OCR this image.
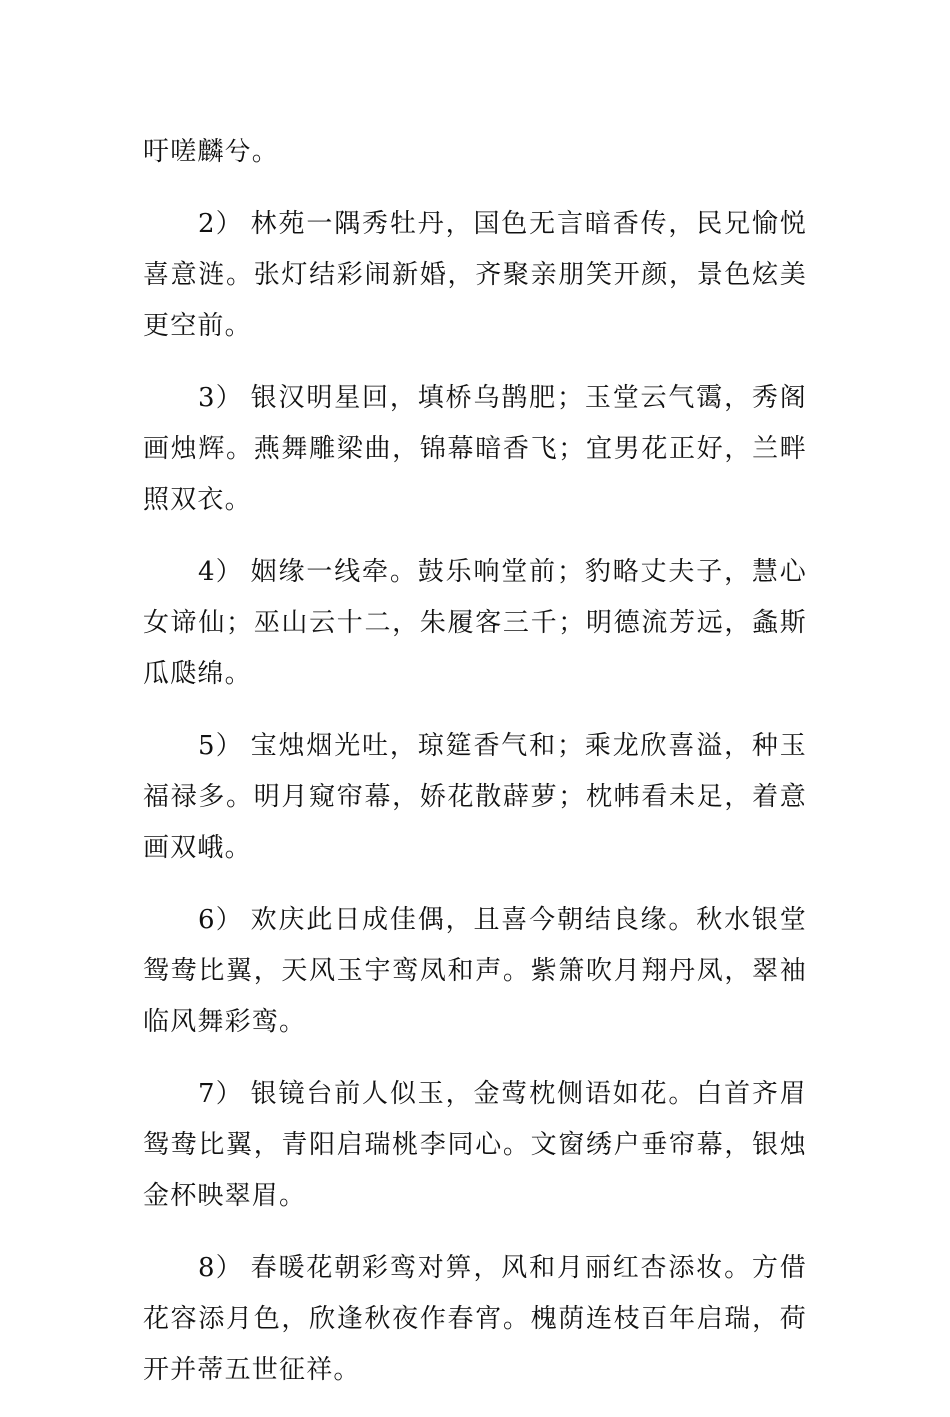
吁嗟麟兮。

2） 林苑一隅秀牡丹，国色无言暗香传，民兄愉悦喜意涟。张灯结彩闹新婚，齐聚亲朋笑开颜，景色炫美更空前。

3） 银汉明星回，填桥乌鹊肥；玉堂云气霭，秀阁画烛辉。燕舞雕梁曲，锦幕暗香飞；宜男花正好，兰畔照双衣。

4） 姻缘一线牵。鼓乐响堂前；豹略丈夫子，慧心女谛仙；巫山云十二，朱履客三千；明德流芳远，螽斯瓜瓞绵。

5） 宝烛烟光吐，琼筵香气和；乘龙欣喜溢，种玉福禄多。明月窥帘幕，娇花散薜萝；枕帏看未足，着意画双峨。

6） 欢庆此日成佳偶，且喜今朝结良缘。秋水银堂鸳鸯比翼，天风玉宇鸾凤和声。紫箫吹月翔丹凤，翠袖临风舞彩鸾。

7） 银镜台前人似玉，金莺枕侧语如花。白首齐眉鸳鸯比翼，青阳启瑞桃李同心。文窗绣户垂帘幕，银烛金杯映翠眉。

8） 春暖花朝彩鸾对箅，风和月丽红杏添妆。方借花容添月色，欣逢秋夜作春宵。槐荫连枝百年启瑞，荷开并蒂五世征祥。
